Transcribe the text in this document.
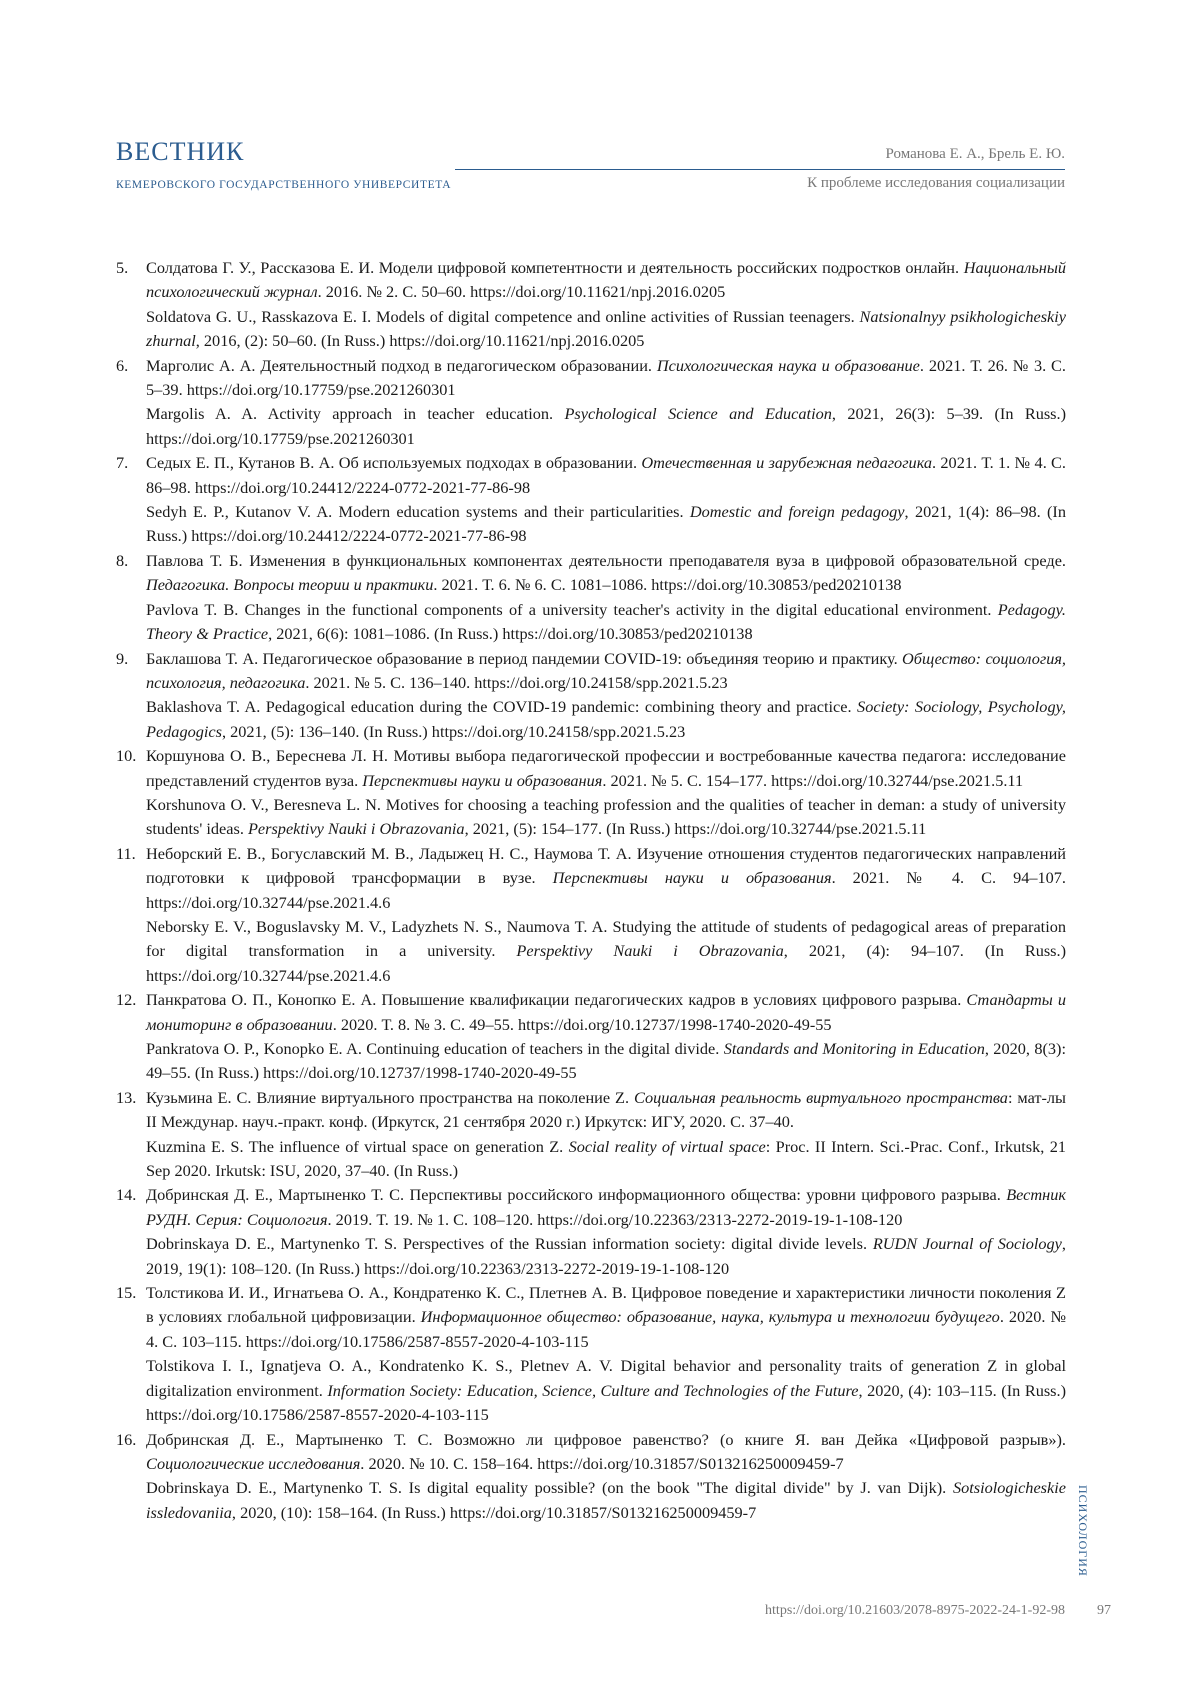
ВЕСТНИК
КЕМЕРОВСКОГО ГОСУДАРСТВЕННОГО УНИВЕРСИТЕТА
Романова Е. А., Брель Е. Ю.
К проблеме исследования социализации
5.	Солдатова Г. У., Рассказова Е. И. Модели цифровой компетентности и деятельность российских подростков онлайн. Национальный психологический журнал. 2016. № 2. С. 50–60. https://doi.org/10.11621/npj.2016.0205
Soldatova G. U., Rasskazova E. I. Models of digital competence and online activities of Russian teenagers. Natsionalnyy psikhologicheskiy zhurnal, 2016, (2): 50–60. (In Russ.) https://doi.org/10.11621/npj.2016.0205
6.	Марголис А. А. Деятельностный подход в педагогическом образовании. Психологическая наука и образование. 2021. Т. 26. № 3. С. 5–39. https://doi.org/10.17759/pse.2021260301
Margolis A. A. Activity approach in teacher education. Psychological Science and Education, 2021, 26(3): 5–39. (In Russ.) https://doi.org/10.17759/pse.2021260301
7.	Седых Е. П., Кутанов В. А. Об используемых подходах в образовании. Отечественная и зарубежная педагогика. 2021. Т. 1. № 4. С. 86–98. https://doi.org/10.24412/2224-0772-2021-77-86-98
Sedyh E. P., Kutanov V. A. Modern education systems and their particularities. Domestic and foreign pedagogy, 2021, 1(4): 86–98. (In Russ.) https://doi.org/10.24412/2224-0772-2021-77-86-98
8.	Павлова Т. Б. Изменения в функциональных компонентах деятельности преподавателя вуза в цифровой образовательной среде. Педагогика. Вопросы теории и практики. 2021. Т. 6. № 6. С. 1081–1086. https://doi.org/10.30853/ped20210138
Pavlova T. B. Changes in the functional components of a university teacher's activity in the digital educational environment. Pedagogy. Theory & Practice, 2021, 6(6): 1081–1086. (In Russ.) https://doi.org/10.30853/ped20210138
9.	Баклашова Т. А. Педагогическое образование в период пандемии COVID-19: объединяя теорию и практику. Общество: социология, психология, педагогика. 2021. № 5. С. 136–140. https://doi.org/10.24158/spp.2021.5.23
Baklashova T. A. Pedagogical education during the COVID-19 pandemic: combining theory and practice. Society: Sociology, Psychology, Pedagogics, 2021, (5): 136–140. (In Russ.) https://doi.org/10.24158/spp.2021.5.23
10. Коршунова О. В., Береснева Л. Н. Мотивы выбора педагогической профессии и востребованные качества педагога: исследование представлений студентов вуза. Перспективы науки и образования. 2021. № 5. С. 154–177. https://doi.org/10.32744/pse.2021.5.11
Korshunova O. V., Beresneva L. N. Motives for choosing a teaching profession and the qualities of teacher in deman: a study of university students' ideas. Perspektivy Nauki i Obrazovania, 2021, (5): 154–177. (In Russ.) https://doi.org/10.32744/pse.2021.5.11
11. Неборский Е. В., Богуславский М. В., Ладыжец Н. С., Наумова Т. А. Изучение отношения студентов педагогических направлений подготовки к цифровой трансформации в вузе. Перспективы науки и образования. 2021. № 4. С. 94–107. https://doi.org/10.32744/pse.2021.4.6
Neborsky E. V., Boguslavsky M. V., Ladyzhets N. S., Naumova T. A. Studying the attitude of students of pedagogical areas of preparation for digital transformation in a university. Perspektivy Nauki i Obrazovania, 2021, (4): 94–107. (In Russ.) https://doi.org/10.32744/pse.2021.4.6
12. Панкратова О. П., Конопко Е. А. Повышение квалификации педагогических кадров в условиях цифрового разрыва. Стандарты и мониторинг в образовании. 2020. Т. 8. № 3. С. 49–55. https://doi.org/10.12737/1998-1740-2020-49-55
Pankratova O. P., Konopko E. A. Continuing education of teachers in the digital divide. Standards and Monitoring in Education, 2020, 8(3): 49–55. (In Russ.) https://doi.org/10.12737/1998-1740-2020-49-55
13. Кузьмина Е. С. Влияние виртуального пространства на поколение Z. Социальная реальность виртуального пространства: мат-лы II Междунар. науч.-практ. конф. (Иркутск, 21 сентября 2020 г.) Иркутск: ИГУ, 2020. С. 37–40.
Kuzmina E. S. The influence of virtual space on generation Z. Social reality of virtual space: Proc. II Intern. Sci.-Prac. Conf., Irkutsk, 21 Sep 2020. Irkutsk: ISU, 2020, 37–40. (In Russ.)
14. Добринская Д. Е., Мартыненко Т. С. Перспективы российского информационного общества: уровни цифрового разрыва. Вестник РУДН. Серия: Социология. 2019. Т. 19. № 1. С. 108–120. https://doi.org/10.22363/2313-2272-2019-19-1-108-120
Dobrinskaya D. E., Martynenko T. S. Perspectives of the Russian information society: digital divide levels. RUDN Journal of Sociology, 2019, 19(1): 108–120. (In Russ.) https://doi.org/10.22363/2313-2272-2019-19-1-108-120
15. Толстикова И. И., Игнатьева О. А., Кондратенко К. С., Плетнев А. В. Цифровое поведение и характеристики личности поколения Z в условиях глобальной цифровизации. Информационное общество: образование, наука, культура и технологии будущего. 2020. № 4. С. 103–115. https://doi.org/10.17586/2587-8557-2020-4-103-115
Tolstikova I. I., Ignatjeva O. A., Kondratenko K. S., Pletnev A. V. Digital behavior and personality traits of generation Z in global digitalization environment. Information Society: Education, Science, Culture and Technologies of the Future, 2020, (4): 103–115. (In Russ.) https://doi.org/10.17586/2587-8557-2020-4-103-115
16. Добринская Д. Е., Мартыненко Т. С. Возможно ли цифровое равенство? (о книге Я. ван Дейка «Цифровой разрыв»). Социологические исследования. 2020. № 10. С. 158–164. https://doi.org/10.31857/S013216250009459-7
Dobrinskaya D. E., Martynenko T. S. Is digital equality possible? (on the book "The digital divide" by J. van Dijk). Sotsiologicheskie issledovaniia, 2020, (10): 158–164. (In Russ.) https://doi.org/10.31857/S013216250009459-7	ПСИХОЛОГИЯ
https://doi.org/10.21603/2078-8975-2022-24-1-92-98 97
